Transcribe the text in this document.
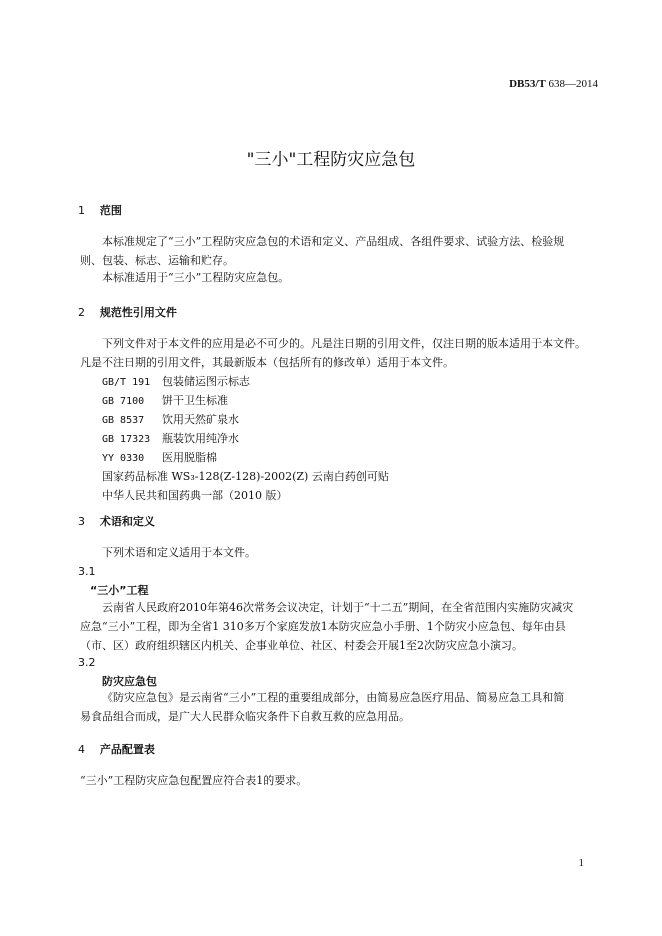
DB53/T 638—2014
"三小"工程防灾应急包
1 范围
本标准规定了“三小”工程防灾应急包的术语和定义、产品组成、各组件要求、试验方法、检验规
则、包装、标志、运输和贮存。
本标准适用于“三小”工程防灾应急包。
2 规范性引用文件
下列文件对于本文件的应用是必不可少的。凡是注日期的引用文件，仅注日期的版本适用于本文件。
凡是不注日期的引用文件，其最新版本（包括所有的修改单）适用于本文件。
GB/T 191 包装储运图示标志
GB 7100 饼干卫生标准
GB 8537 饮用天然矿泉水
GB 17323 瓶装饮用纯净水
YY 0330 医用脱脂棉
国家药品标准 WS₃-128(Z-128)-2002(Z) 云南白药创可贴
中华人民共和国药典一部（2010 版）
3 术语和定义
下列术语和定义适用于本文件。
3.1
“三小”工程
云南省人民政府2010年第46次常务会议决定，计划于“十二五”期间，在全省范围内实施防灾减灾
应急“三小”工程，即为全省1 310多万个家庭发放1本防灾应急小手册、1个防灾小应急包、每年由县
（市、区）政府组织辖区内机关、企事业单位、社区、村委会开展1至2次防灾应急小演习。
3.2
防灾应急包
《防灾应急包》是云南省“三小”工程的重要组成部分，由简易应急医疗用品、简易应急工具和简
易食品组合而成，是广大人民群众临灾条件下自救互救的应急用品。
4 产品配置表
“三小”工程防灾应急包配置应符合表1的要求。
1
